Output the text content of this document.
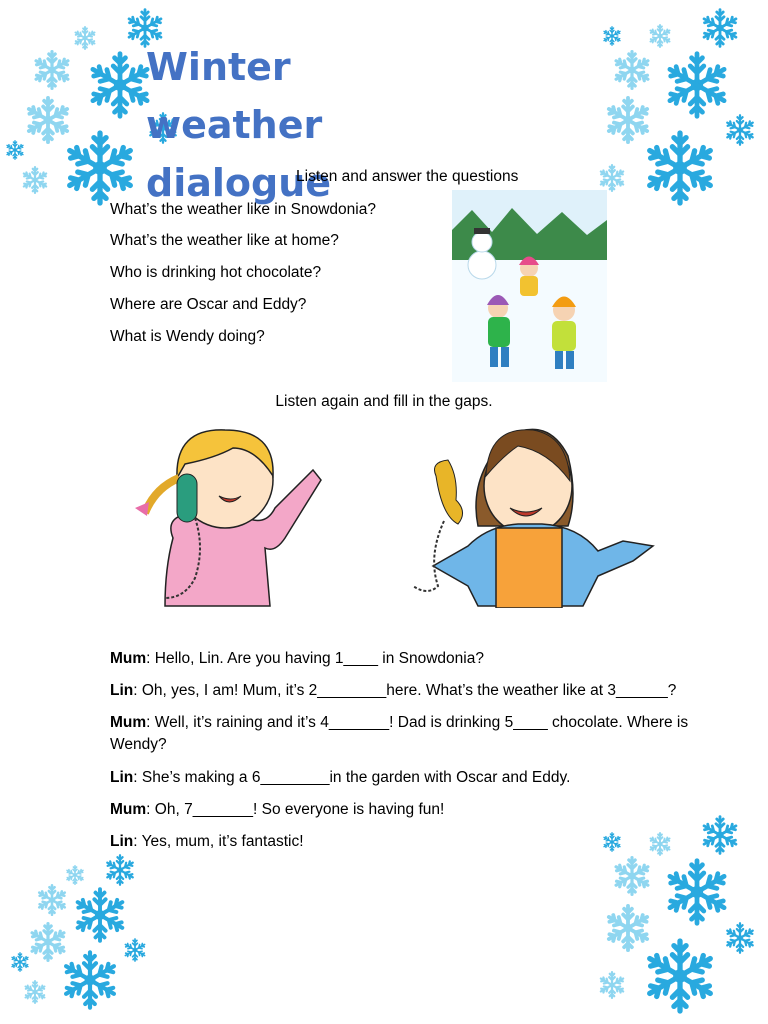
Winter
weather
dialogue
Listen and answer the questions
What’s the weather like in Snowdonia?
What’s the weather like at home?
Who is drinking hot chocolate?
Where are Oscar and Eddy?
What is Wendy doing?
Listen again and fill in the gaps.
Mum: Hello, Lin. Are you having 1____ in Snowdonia?
Lin: Oh, yes, I am! Mum, it’s 2________here. What’s the weather like at 3______?
Mum: Well, it’s raining and it’s 4_______! Dad is drinking 5____ chocolate. Where is Wendy?
Lin: She’s making a 6________in the garden with Oscar and Eddy.
Mum: Oh, 7_______! So everyone is having fun!
Lin: Yes, mum, it’s fantastic!
